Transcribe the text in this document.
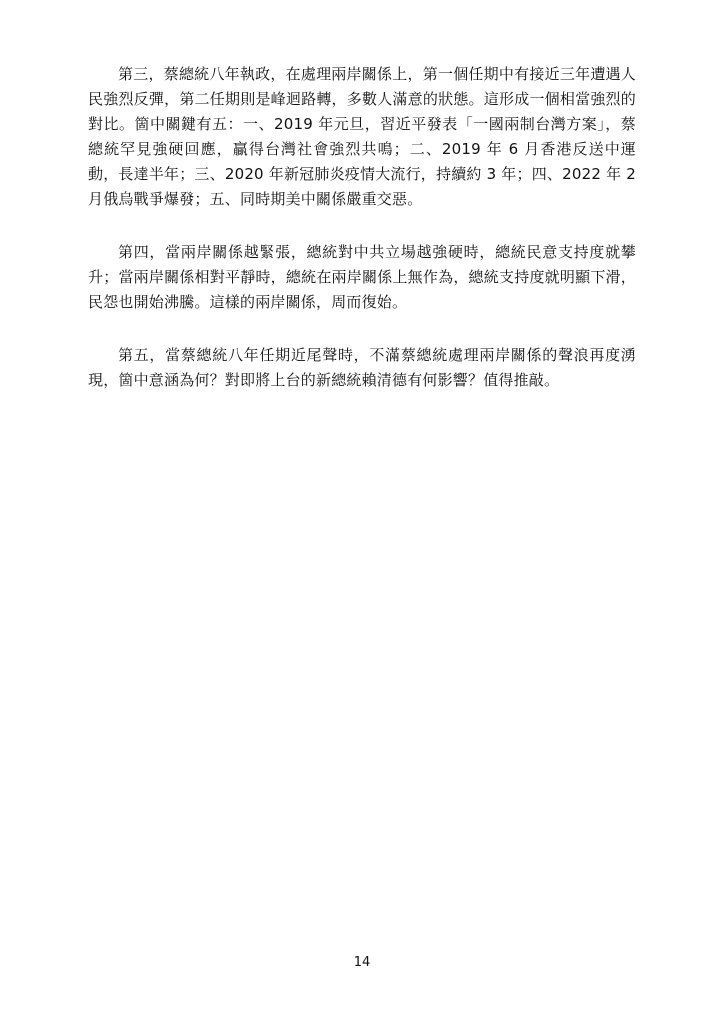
第三，蔡總統八年執政，在處理兩岸關係上，第一個任期中有接近三年遭遇人民強烈反彈，第二任期則是峰迴路轉，多數人滿意的狀態。這形成一個相當強烈的對比。箇中關鍵有五：一、2019 年元旦，習近平發表「一國兩制台灣方案」，蔡總統罕見強硬回應，贏得台灣社會強烈共鳴；二、2019 年 6 月香港反送中運動，長達半年；三、2020 年新冠肺炎疫情大流行，持續約 3 年；四、2022 年 2 月俄烏戰爭爆發；五、同時期美中關係嚴重交惡。

第四，當兩岸關係越緊張，總統對中共立場越強硬時，總統民意支持度就攀升；當兩岸關係相對平靜時，總統在兩岸關係上無作為，總統支持度就明顯下滑，民怨也開始沸騰。這樣的兩岸關係，周而復始。

第五，當蔡總統八年任期近尾聲時，不滿蔡總統處理兩岸關係的聲浪再度湧現，箇中意涵為何？對即將上台的新總統賴清德有何影響？值得推敲。

14
